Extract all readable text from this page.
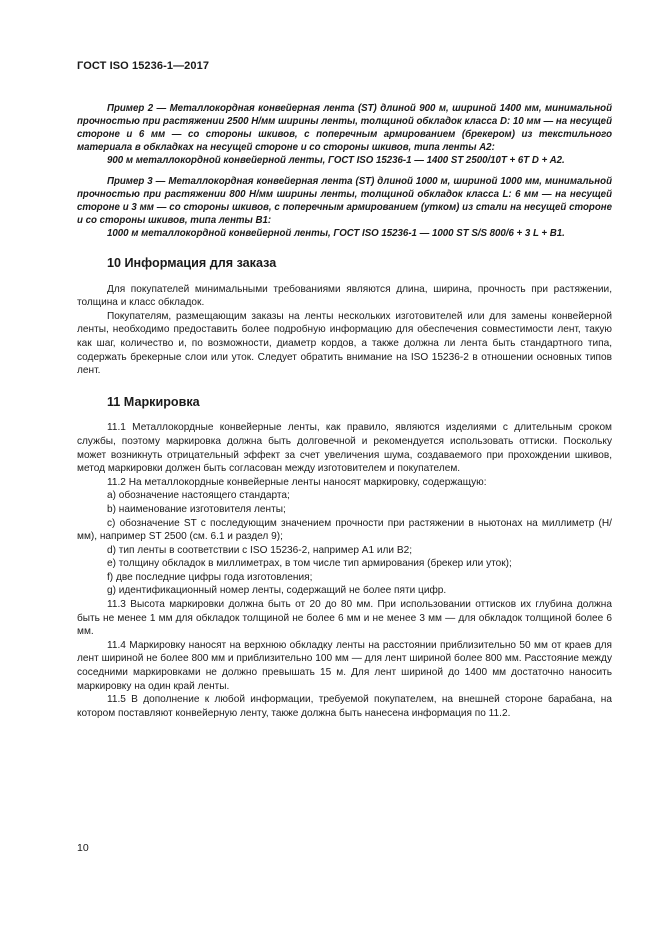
ГОСТ ISO 15236-1—2017

Пример 2 — Металлокордная конвейерная лента (ST) длиной 900 м, шириной 1400 мм, минимальной прочностью при растяжении 2500 Н/мм ширины ленты, толщиной обкладок класса D: 10 мм — на несущей стороне и 6 мм — со стороны шкивов, с поперечным армированием (брекером) из текстильного материала в обкладках на несущей стороне и со стороны шкивов, типа ленты А2:

900 м металлокордной конвейерной ленты, ГОСТ ISO 15236-1 — 1400 ST 2500/10T + 6T D + A2.

Пример 3 — Металлокордная конвейерная лента (ST) длиной 1000 м, шириной 1000 мм, минимальной прочностью при растяжении 800 Н/мм ширины ленты, толщиной обкладок класса L: 6 мм — на несущей стороне и 3 мм — со стороны шкивов, с поперечным армированием (утком) из стали на несущей стороне и со стороны шкивов, типа ленты В1:

1000 м металлокордной конвейерной ленты, ГОСТ ISO 15236-1 — 1000 ST S/S 800/6 + 3 L + B1.

10 Информация для заказа

Для покупателей минимальными требованиями являются длина, ширина, прочность при растяжении, толщина и класс обкладок.

Покупателям, размещающим заказы на ленты нескольких изготовителей или для замены конвейерной ленты, необходимо предоставить более подробную информацию для обеспечения совместимости лент, такую как шаг, количество и, по возможности, диаметр кордов, а также должна ли лента быть стандартного типа, содержать брекерные слои или уток. Следует обратить внимание на ISO 15236-2 в отношении основных типов лент.

11 Маркировка

11.1 Металлокордные конвейерные ленты, как правило, являются изделиями с длительным сроком службы, поэтому маркировка должна быть долговечной и рекомендуется использовать оттиски. Поскольку может возникнуть отрицательный эффект за счет увеличения шума, создаваемого при прохождении шкивов, метод маркировки должен быть согласован между изготовителем и покупателем.

11.2 На металлокордные конвейерные ленты наносят маркировку, содержащую:

a) обозначение настоящего стандарта;

b) наименование изготовителя ленты;

c) обозначение ST с последующим значением прочности при растяжении в ньютонах на миллиметр (Н/мм), например ST 2500 (см. 6.1 и раздел 9);

d) тип ленты в соответствии с ISO 15236-2, например А1 или В2;

e) толщину обкладок в миллиметрах, в том числе тип армирования (брекер или уток);

f) две последние цифры года изготовления;

g) идентификационный номер ленты, содержащий не более пяти цифр.

11.3 Высота маркировки должна быть от 20 до 80 мм. При использовании оттисков их глубина должна быть не менее 1 мм для обкладок толщиной не более 6 мм и не менее 3 мм — для обкладок толщиной более 6 мм.

11.4 Маркировку наносят на верхнюю обкладку ленты на расстоянии приблизительно 50 мм от краев для лент шириной не более 800 мм и приблизительно 100 мм — для лент шириной более 800 мм. Расстояние между соседними маркировками не должно превышать 15 м. Для лент шириной до 1400 мм достаточно наносить маркировку на один край ленты.

11.5 В дополнение к любой информации, требуемой покупателем, на внешней стороне барабана, на котором поставляют конвейерную ленту, также должна быть нанесена информация по 11.2.

10
